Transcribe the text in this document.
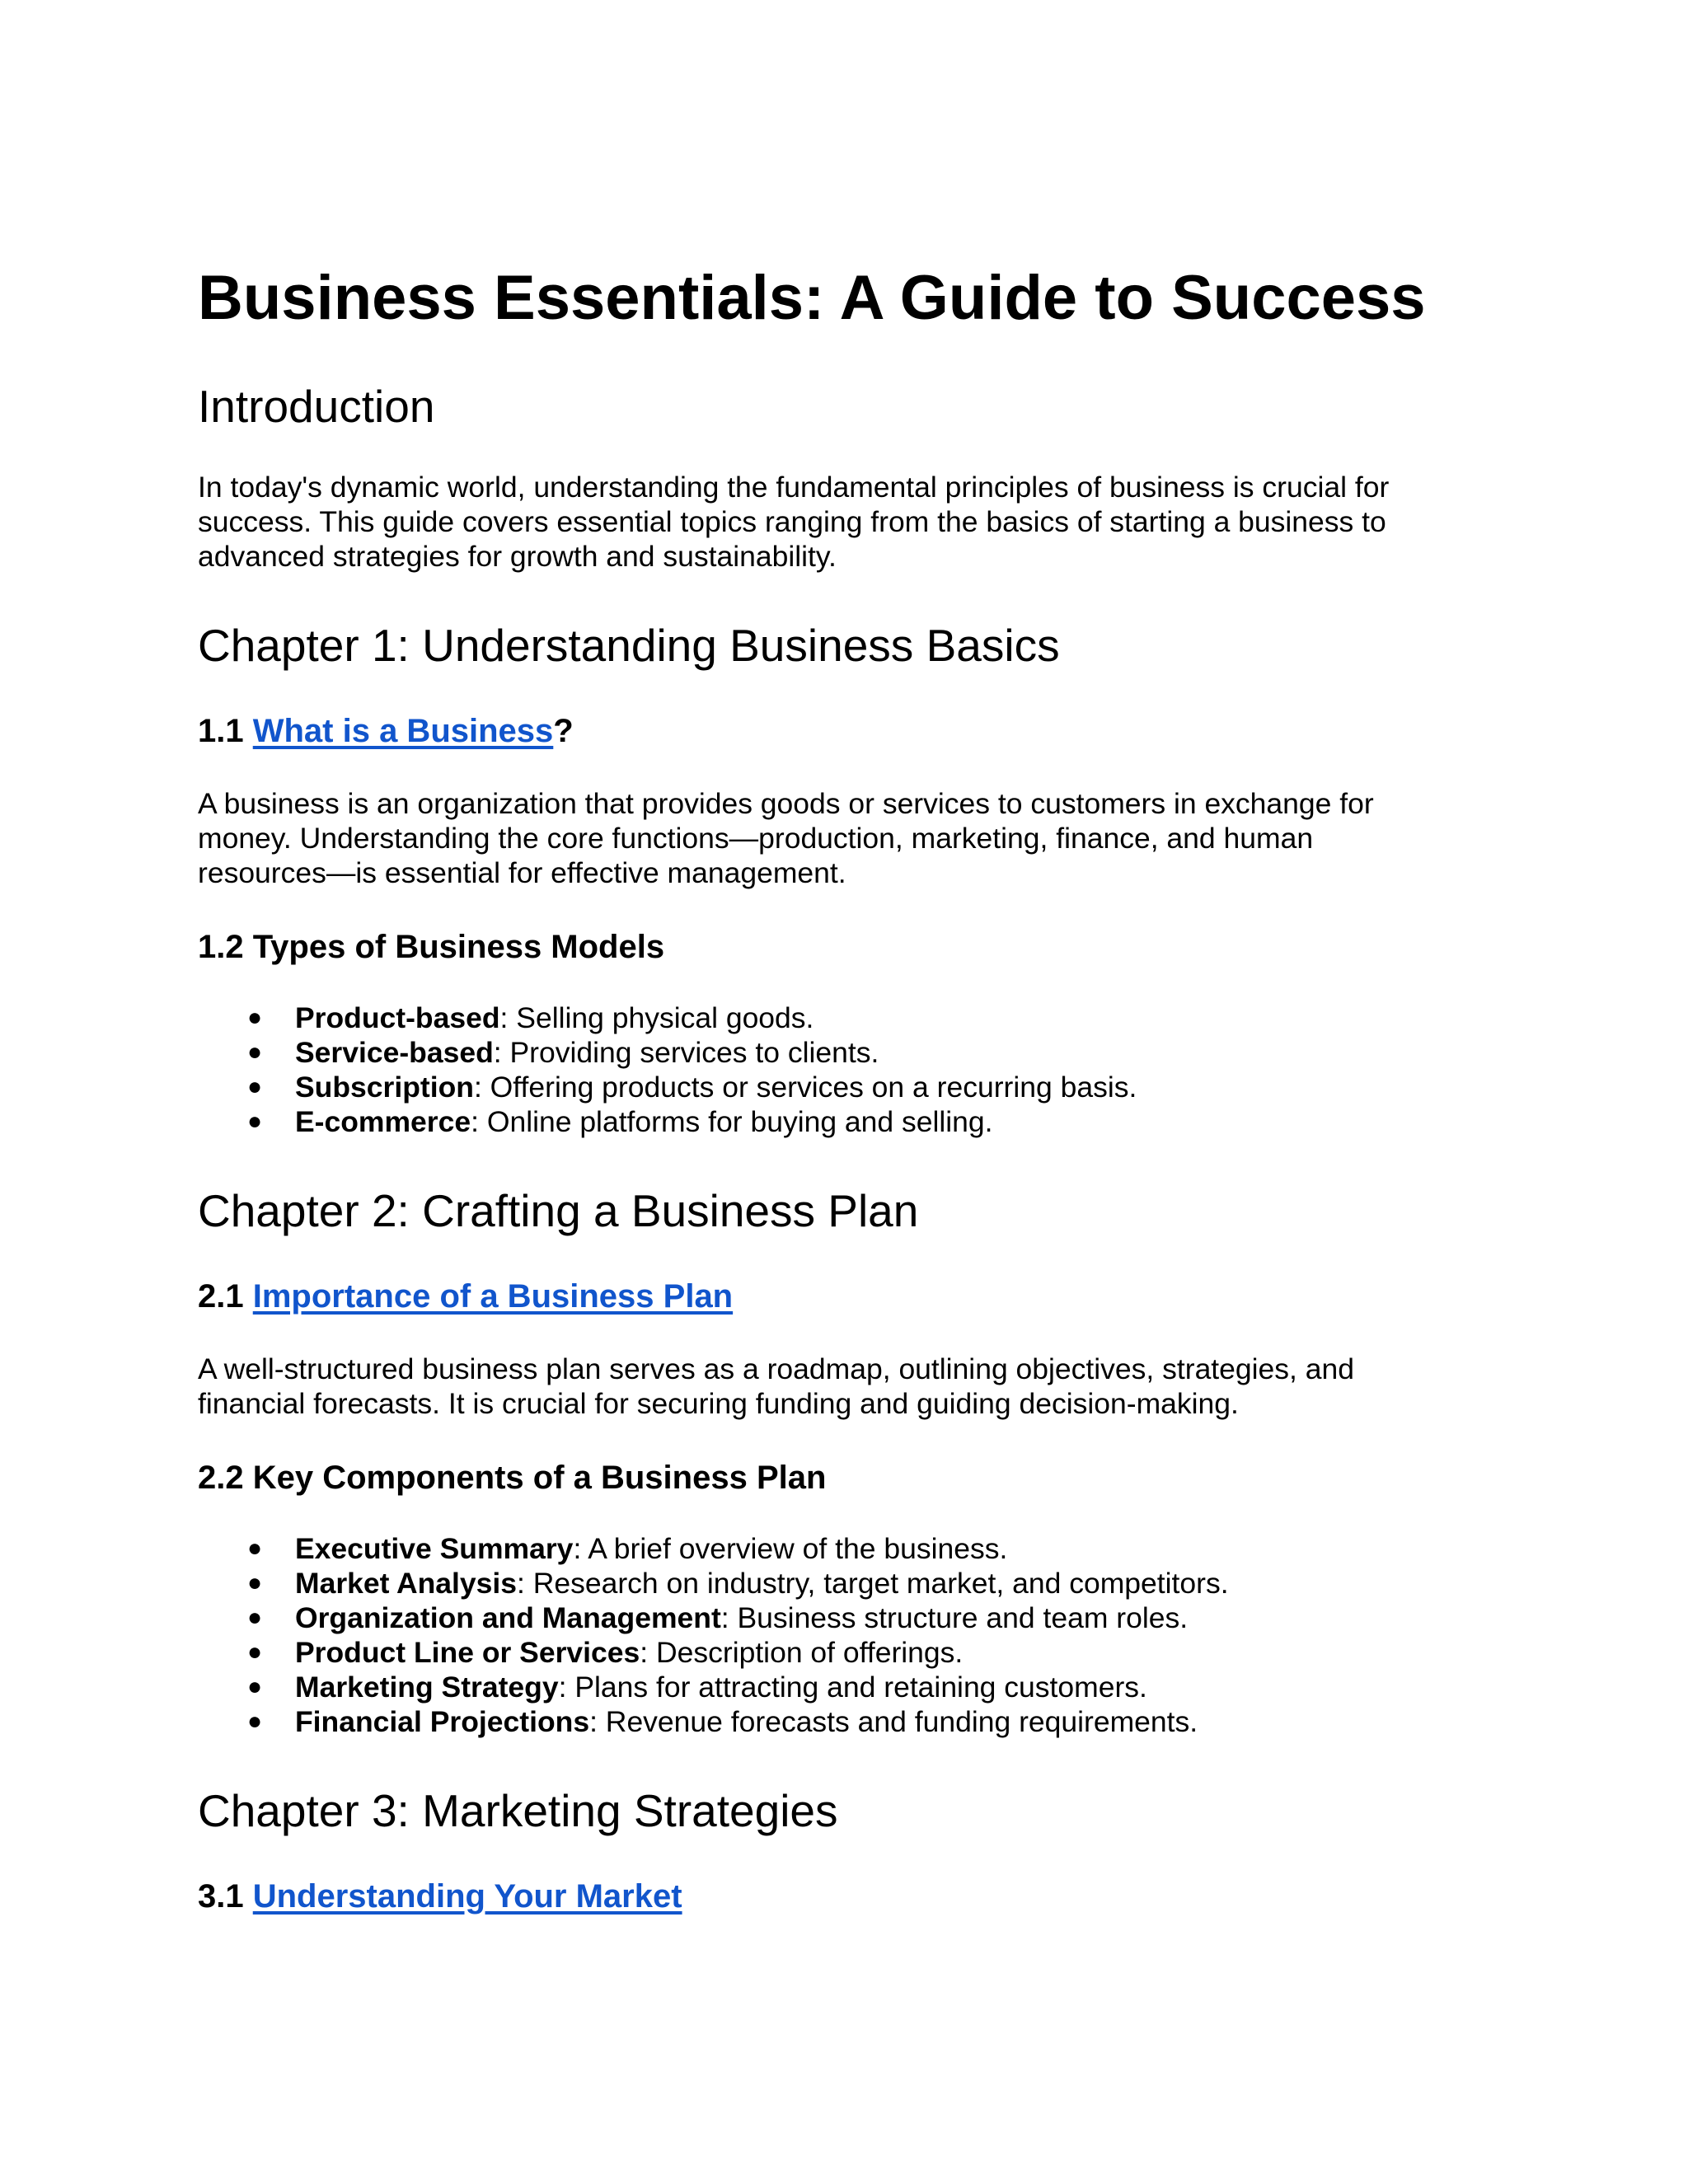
Business Essentials: A Guide to Success
Introduction

In today's dynamic world, understanding the fundamental principles of business is crucial for
success. This guide covers essential topics ranging from the basics of starting a business to
advanced strategies for growth and sustainability.

Chapter 1: Understanding Business Basics
1.1 What is a Business?

A business is an organization that provides goods or services to customers in exchange for
money. Understanding the core functions—production, marketing, finance, and human
resources—is essential for effective management.

1.2 Types of Business Models
● Product-based: Selling physical goods.
● Service-based: Providing services to clients.
● Subscription: Offering products or services on a recurring basis.
● E-commerce: Online platforms for buying and selling.
Chapter 2: Crafting a Business Plan
2.1 Importance of a Business Plan

A well-structured business plan serves as a roadmap, outlining objectives, strategies, and
financial forecasts. It is crucial for securing funding and guiding decision-making.

2.2 Key Components of a Business Plan
● Executive Summary: A brief overview of the business.
● Market Analysis: Research on industry, target market, and competitors.
● Organization and Management: Business structure and team roles.
● Product Line or Services: Description of offerings.
● Marketing Strategy: Plans for attracting and retaining customers.
● Financial Projections: Revenue forecasts and funding requirements.
Chapter 3: Marketing Strategies
3.1 Understanding Your Market
